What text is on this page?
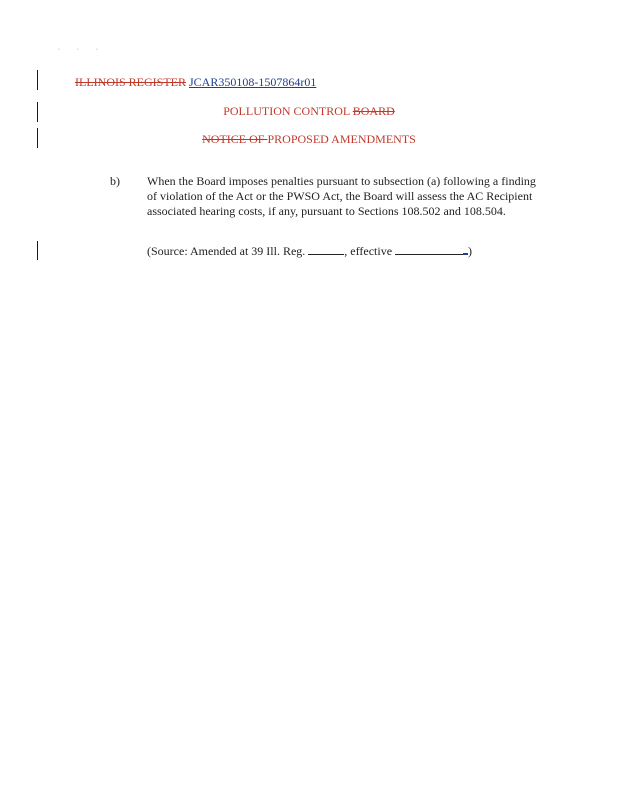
• • •
ILLINOIS REGISTER JCAR350108-1507864r01
POLLUTION CONTROL BOARD
NOTICE OF PROPOSED AMENDMENTS
b) When the Board imposes penalties pursuant to subsection (a) following a finding of violation of the Act or the PWSO Act, the Board will assess the AC Recipient associated hearing costs, if any, pursuant to Sections 108.502 and 108.504.
(Source: Amended at 39 Ill. Reg.	, effective	)
